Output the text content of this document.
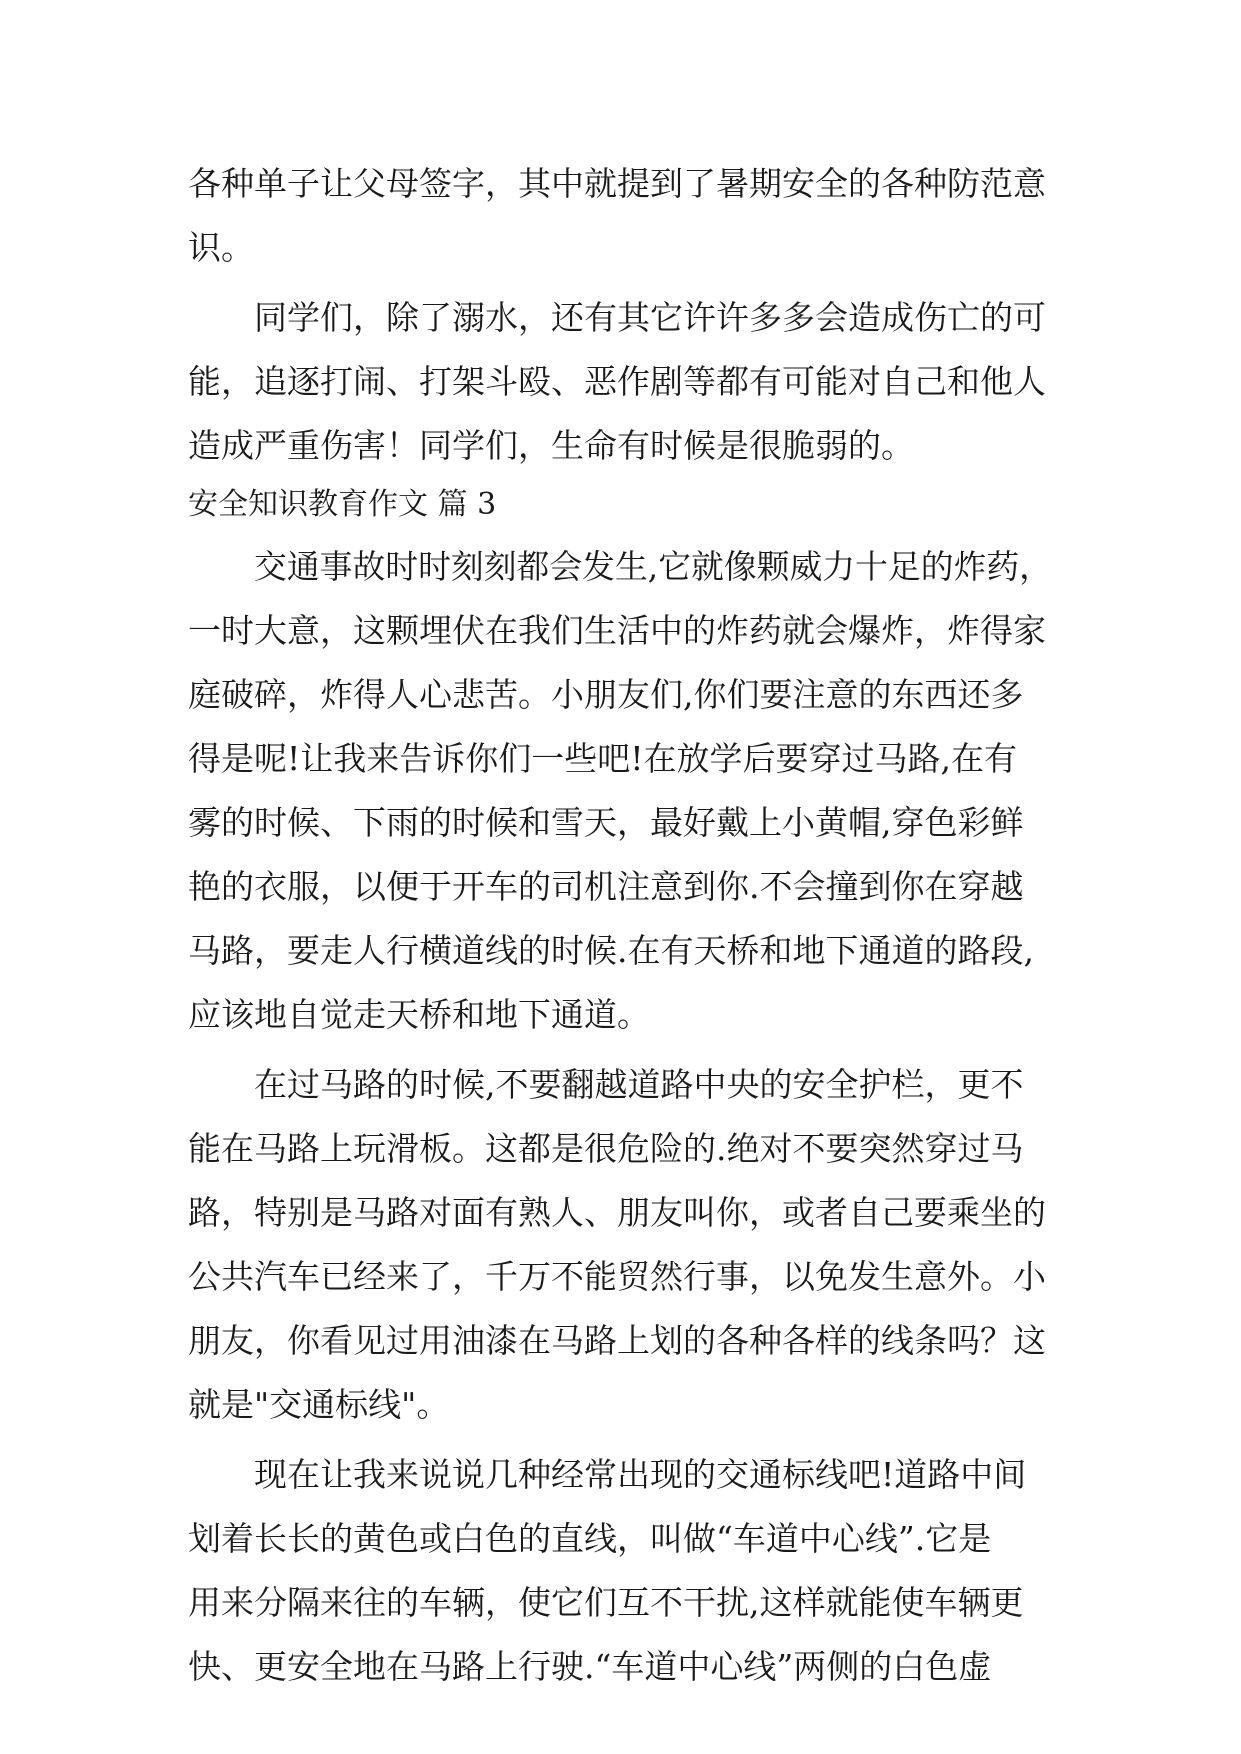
各种单子让父母签字，其中就提到了暑期安全的各种防范意

识。

同学们，除了溺水，还有其它许许多多会造成伤亡的可

能，追逐打闹、打架斗殴、恶作剧等都有可能对自己和他人

造成严重伤害！同学们，生命有时候是很脆弱的。

安全知识教育作文 篇 3

交通事故时时刻刻都会发生,它就像颗威力十足的炸药，

一时大意，这颗埋伏在我们生活中的炸药就会爆炸，炸得家

庭破碎，炸得人心悲苦。小朋友们,你们要注意的东西还多

得是呢!让我来告诉你们一些吧!在放学后要穿过马路,在有

雾的时候、下雨的时候和雪天，最好戴上小黄帽,穿色彩鲜

艳的衣服，以便于开车的司机注意到你.不会撞到你在穿越

马路，要走人行横道线的时候.在有天桥和地下通道的路段,

应该地自觉走天桥和地下通道。

在过马路的时候,不要翻越道路中央的安全护栏，更不

能在马路上玩滑板。这都是很危险的.绝对不要突然穿过马

路，特别是马路对面有熟人、朋友叫你，或者自己要乘坐的

公共汽车已经来了，千万不能贸然行事，以免发生意外。小

朋友，你看见过用油漆在马路上划的各种各样的线条吗？这

就是"交通标线"。

现在让我来说说几种经常出现的交通标线吧!道路中间

划着长长的黄色或白色的直线，叫做“车道中心线”.它是

用来分隔来往的车辆，使它们互不干扰,这样就能使车辆更

快、更安全地在马路上行驶.“车道中心线”两侧的白色虚
